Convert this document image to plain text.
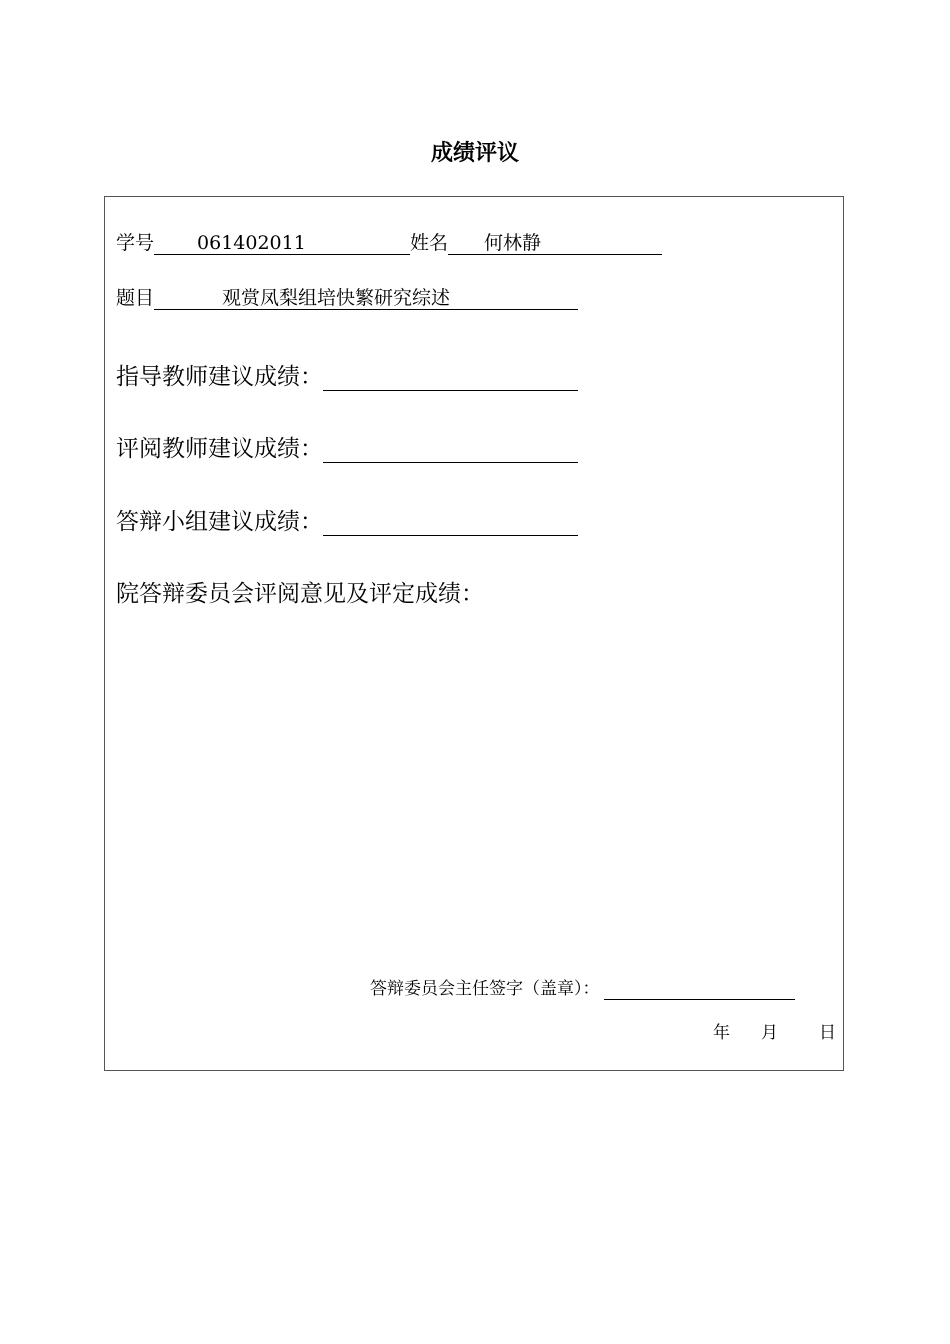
成绩评议
学号 061402011	姓名 何林静
题目	观赏凤梨组培快繁研究综述
指导教师建议成绩：
评阅教师建议成绩：
答辩小组建议成绩：
院答辩委员会评阅意见及评定成绩：
答辩委员会主任签字（盖章）：
年 月 日
